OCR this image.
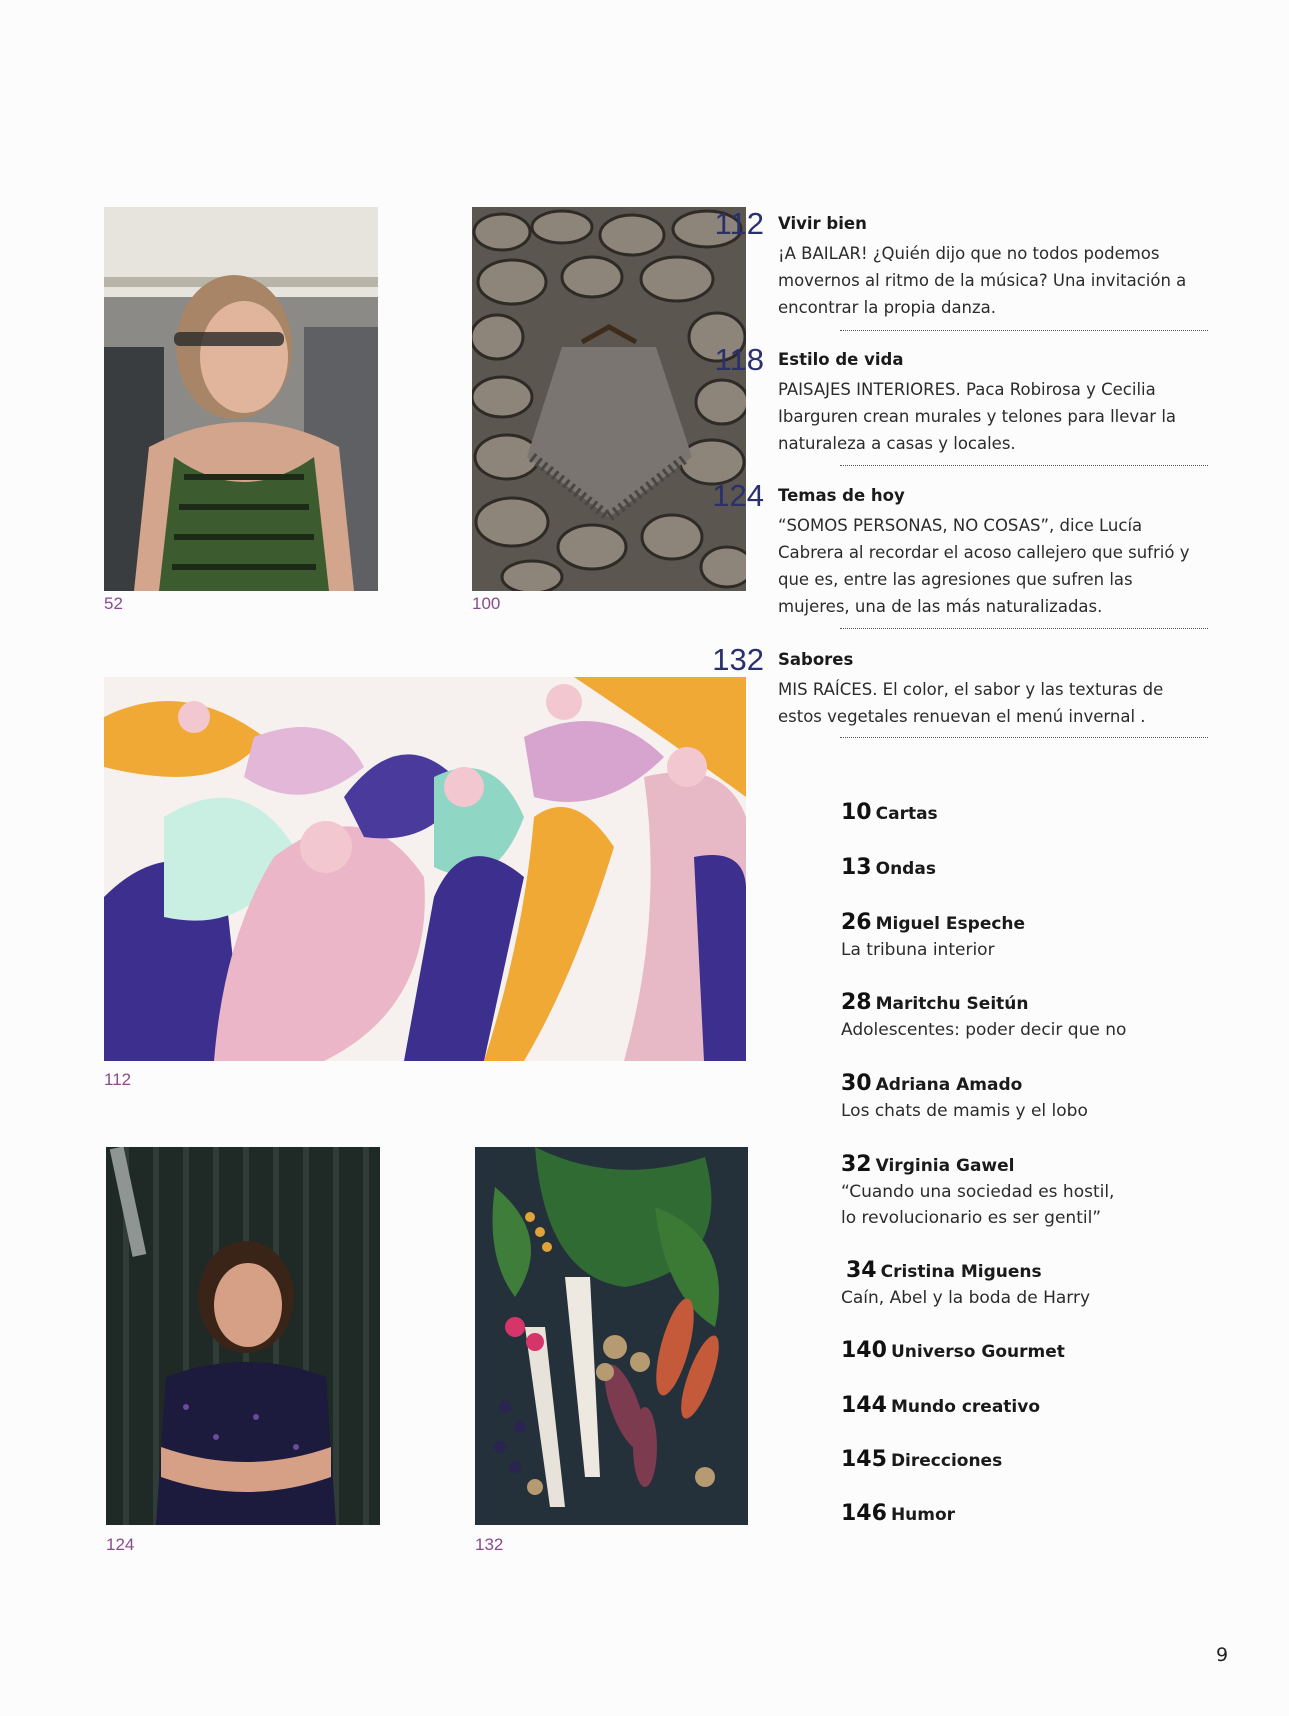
52	100
112
124	132
112 Vivir bien
¡A BAILAR! ¿Quién dijo que no todos podemos movernos al ritmo de la música? Una invitación a encontrar la propia danza.
118 Estilo de vida
PAISAJES INTERIORES. Paca Robirosa y Cecilia Ibarguren crean murales y telones para llevar la naturaleza a casas y locales.
124 Temas de hoy
“SOMOS PERSONAS, NO COSAS”, dice Lucía Cabrera al recordar el acoso callejero que sufrió y que es, entre las agresiones que sufren las mujeres, una de las más naturalizadas.
132 Sabores
MIS RAÍCES. El color, el sabor y las texturas de estos vegetales renuevan el menú invernal .
10 Cartas
13 Ondas
26 Miguel Espeche
La tribuna interior
28 Maritchu Seitún
Adolescentes: poder decir que no
30 Adriana Amado
Los chats de mamis y el lobo
32 Virginia Gawel
“Cuando una sociedad es hostil,
lo revolucionario es ser gentil”
34 Cristina Miguens
Caín, Abel y la boda de Harry
140 Universo Gourmet
144 Mundo creativo
145 Direcciones
146 Humor
9
